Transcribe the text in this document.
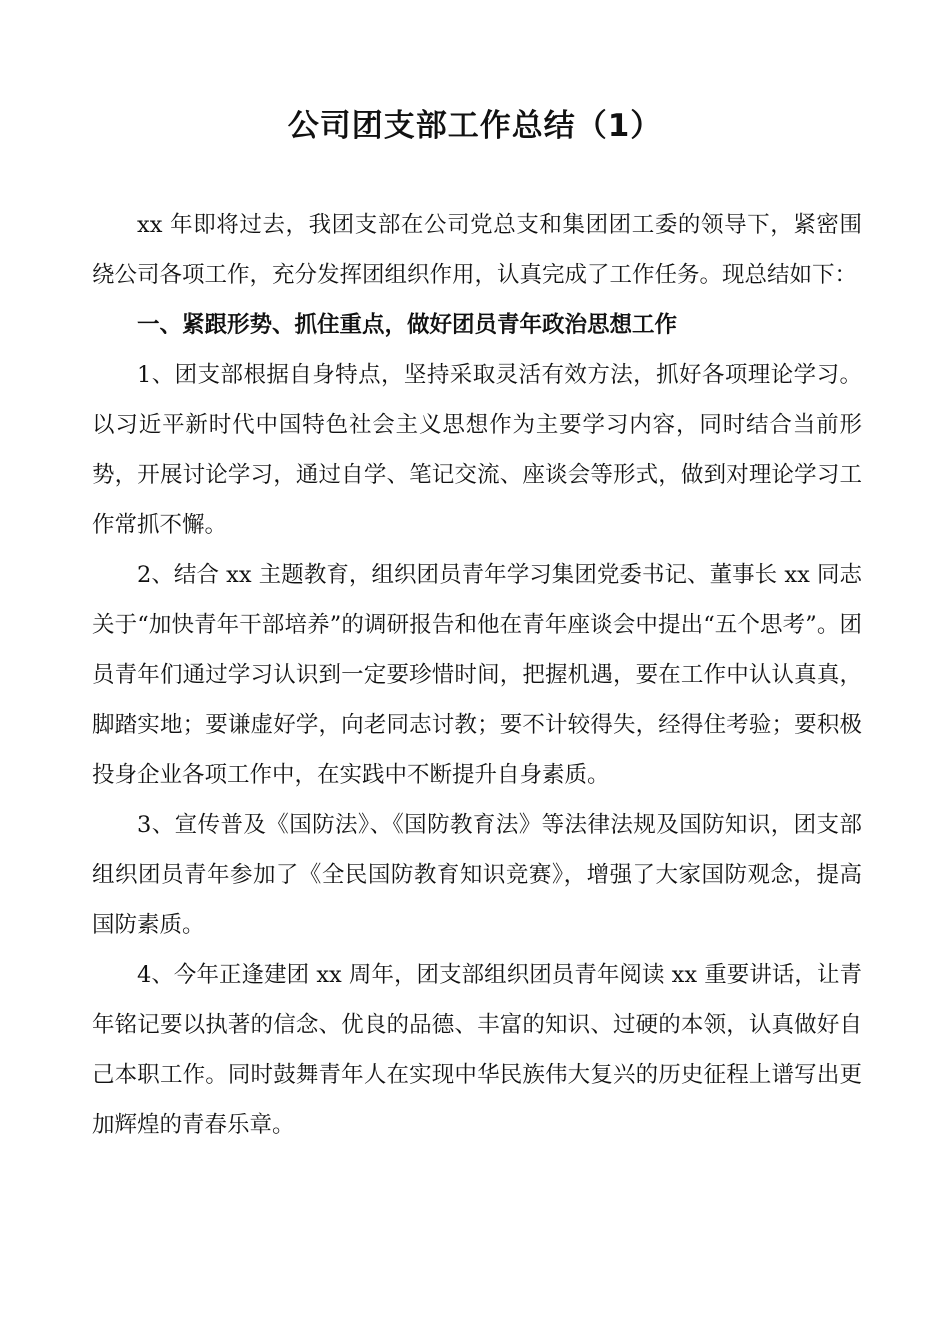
公司团支部工作总结（1）

xx 年即将过去，我团支部在公司党总支和集团团工委的领导下，紧密围绕公司各项工作，充分发挥团组织作用，认真完成了工作任务。现总结如下：

一、紧跟形势、抓住重点，做好团员青年政治思想工作

1、团支部根据自身特点，坚持采取灵活有效方法，抓好各项理论学习。以习近平新时代中国特色社会主义思想作为主要学习内容，同时结合当前形势，开展讨论学习，通过自学、笔记交流、座谈会等形式，做到对理论学习工作常抓不懈。

2、结合 xx 主题教育，组织团员青年学习集团党委书记、董事长 xx 同志关于“加快青年干部培养”的调研报告和他在青年座谈会中提出“五个思考”。团员青年们通过学习认识到一定要珍惜时间，把握机遇，要在工作中认认真真，脚踏实地；要谦虚好学，向老同志讨教；要不计较得失，经得住考验；要积极投身企业各项工作中，在实践中不断提升自身素质。

3、宣传普及《国防法》、《国防教育法》等法律法规及国防知识，团支部组织团员青年参加了《全民国防教育知识竞赛》，增强了大家国防观念，提高国防素质。

4、今年正逢建团 xx 周年，团支部组织团员青年阅读 xx 重要讲话，让青年铭记要以执著的信念、优良的品德、丰富的知识、过硬的本领，认真做好自己本职工作。同时鼓舞青年人在实现中华民族伟大复兴的历史征程上谱写出更加辉煌的青春乐章。
